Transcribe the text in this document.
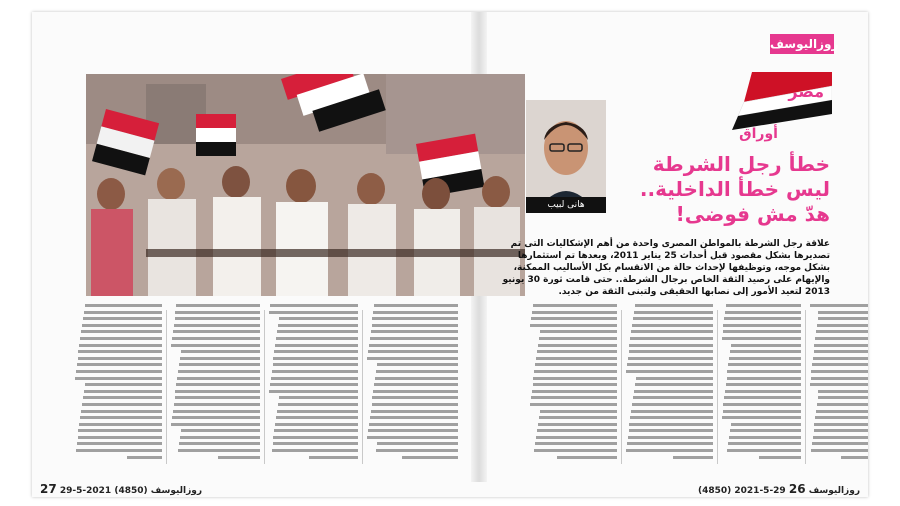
روزاليوسف
هانى لبيب
مصر
أوراق
خطأ رجل الشرطة
ليس خطأ الداخلية..
هدّ مش فوضى!
علاقة رجل الشرطة بالمواطن المصرى واحدة من أهم الإشكاليات التى تم
تصديرها بشكل مقصود قبل أحداث 25 يناير 2011، وبعدها تم استثمارها
بشكل موجه، وتوظيفها لإحداث حالة من الانقسام بكل الأساليب الممكنة،
والإيهام على رصيد الثقة الخاص برجال الشرطة.. حتى قامت ثورة 30 يونيو
2013 لتعيد الأمور إلى نصابها الحقيقى ولتبنى الثقة من جديد.
27 روزاليوسف (4850) 2021-5-29	(4850) 2021-5-29 روزاليوسف 26
